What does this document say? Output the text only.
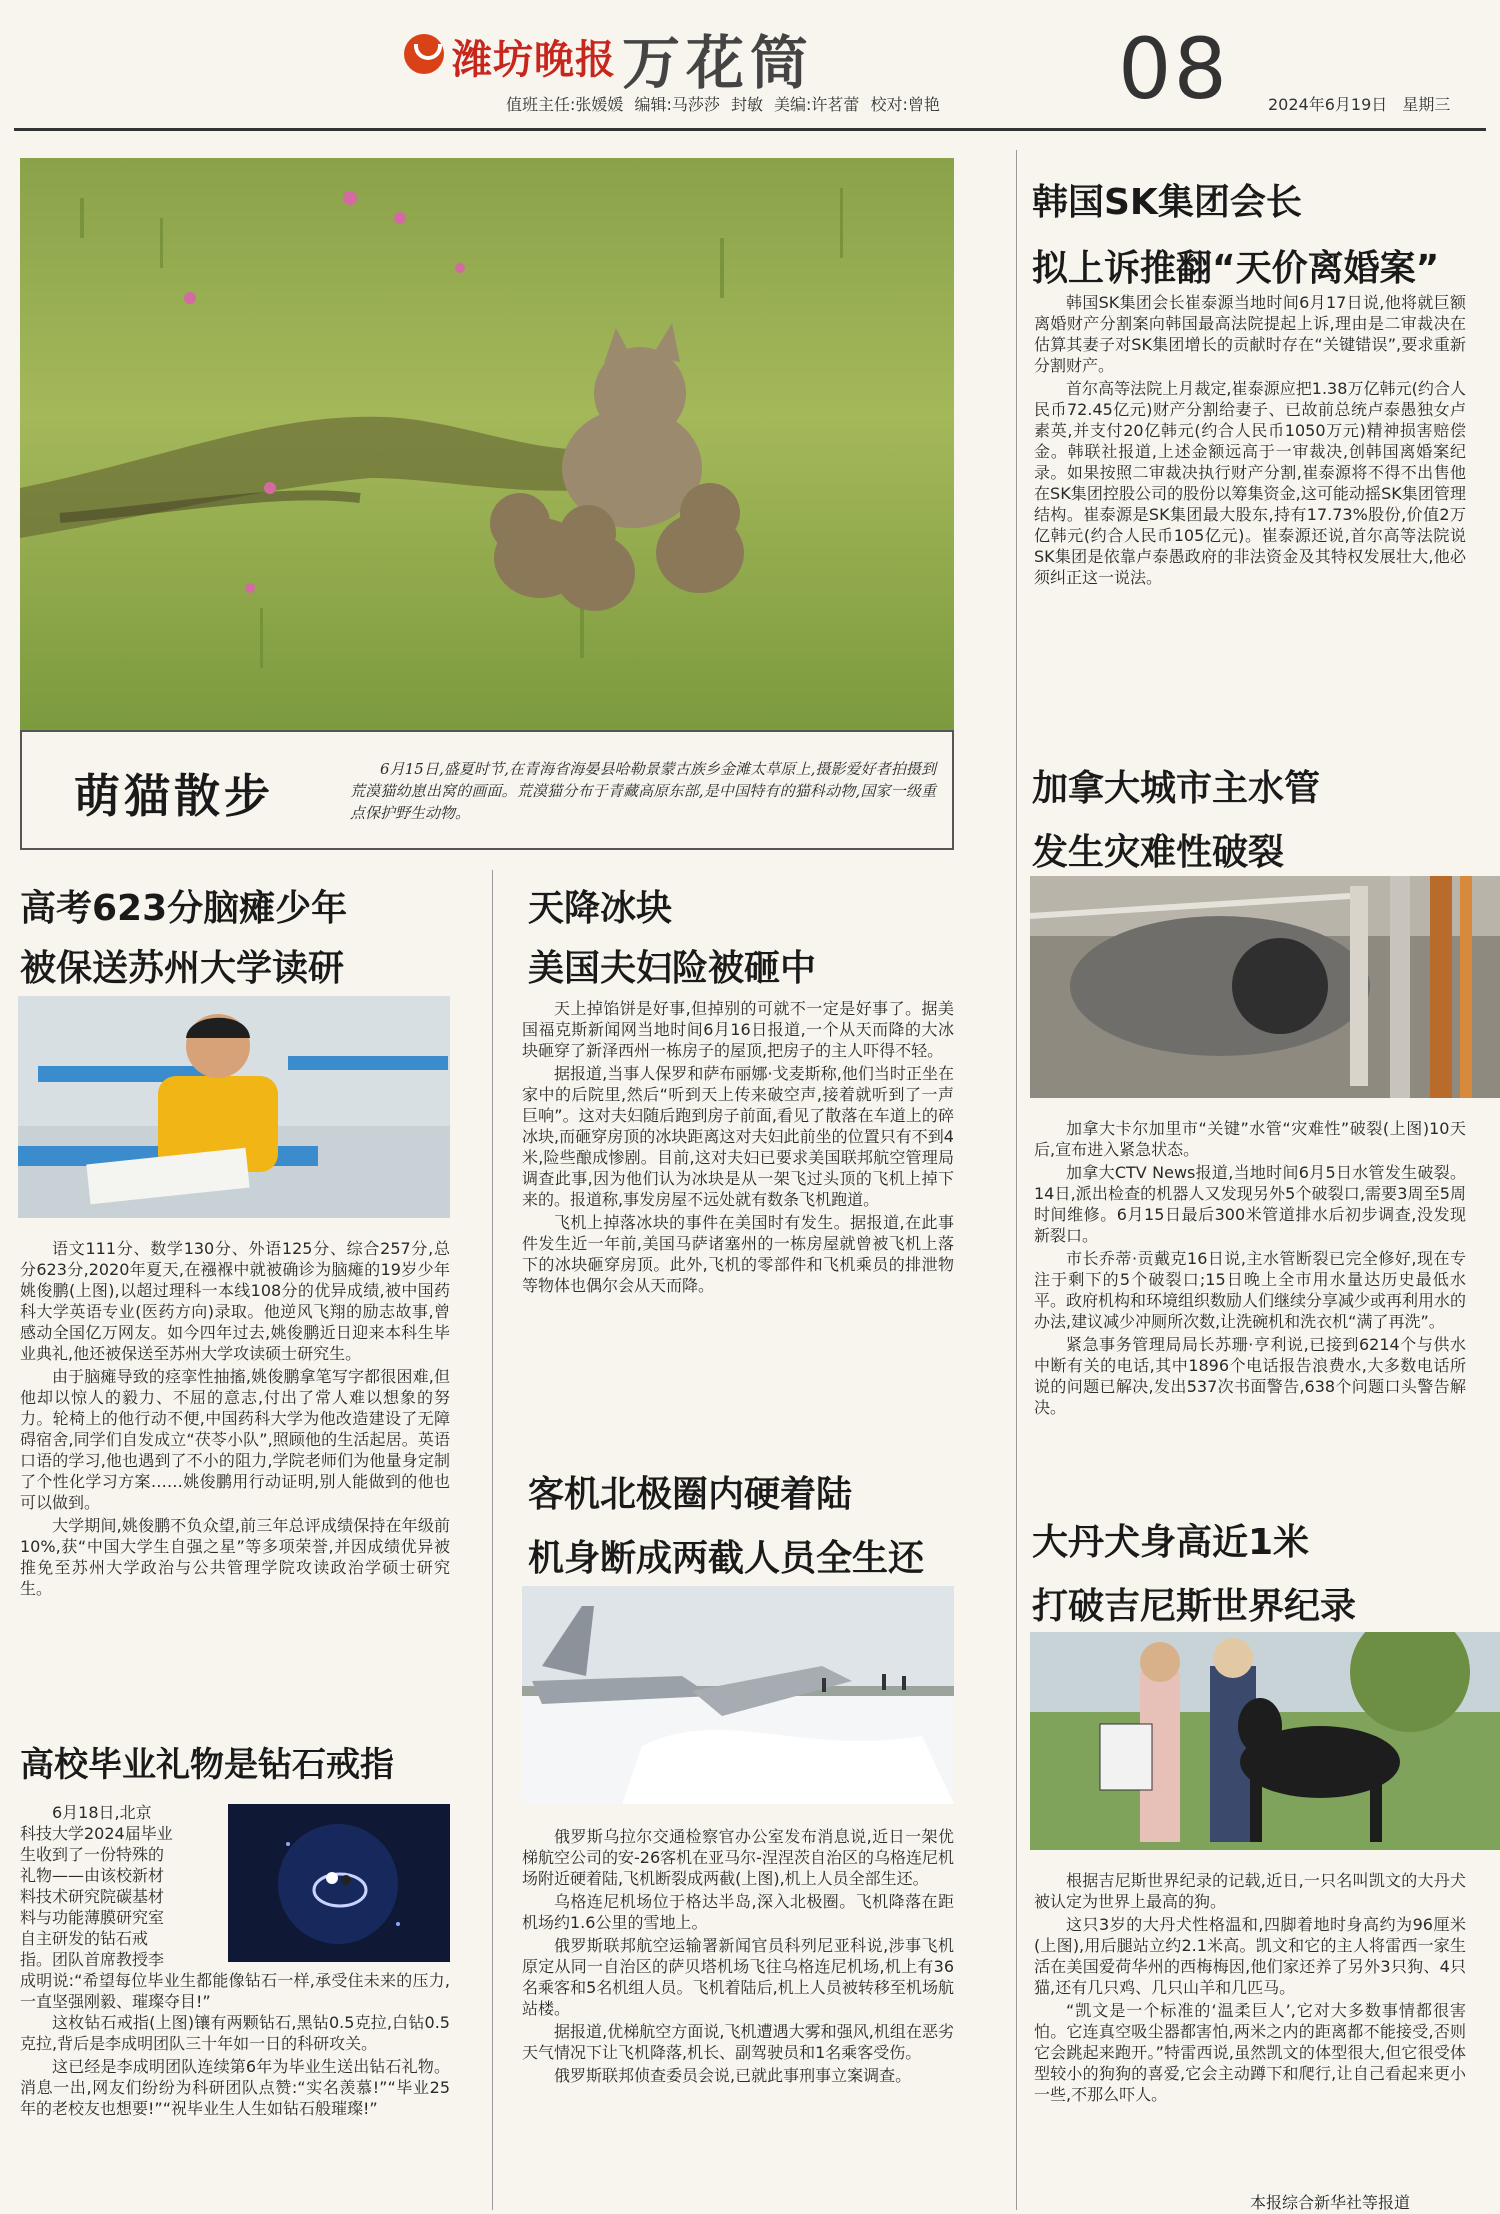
潍坊晚报 万花筒	08
值班主任:张媛媛 编辑:马莎莎 封敏 美编:许茗蕾 校对:曾艳	2024年6月19日 星期三
萌猫散步	6月15日,盛夏时节,在青海省海晏县哈勒景蒙古族乡金滩太草原上,摄影爱好者拍摄到荒漠猫幼崽出窝的画面。荒漠猫分布于青藏高原东部,是中国特有的猫科动物,国家一级重点保护野生动物。

韩国SK集团会长
拟上诉推翻“天价离婚案”

韩国SK集团会长崔泰源当地时间6月17日说,他将就巨额离婚财产分割案向韩国最高法院提起上诉,理由是二审裁决在估算其妻子对SK集团增长的贡献时存在“关键错误”,要求重新分割财产。

首尔高等法院上月裁定,崔泰源应把1.38万亿韩元(约合人民币72.45亿元)财产分割给妻子、已故前总统卢泰愚独女卢素英,并支付20亿韩元(约合人民币1050万元)精神损害赔偿金。韩联社报道,上述金额远高于一审裁决,创韩国离婚案纪录。如果按照二审裁决执行财产分割,崔泰源将不得不出售他在SK集团控股公司的股份以筹集资金,这可能动摇SK集团管理结构。崔泰源是SK集团最大股东,持有17.73%股份,价值2万亿韩元(约合人民币105亿元)。崔泰源还说,首尔高等法院说SK集团是依靠卢泰愚政府的非法资金及其特权发展壮大,他必须纠正这一说法。

加拿大城市主水管
发生灾难性破裂

加拿大卡尔加里市“关键”水管“灾难性”破裂(上图)10天后,宣布进入紧急状态。

加拿大CTV News报道,当地时间6月5日水管发生破裂。14日,派出检查的机器人又发现另外5个破裂口,需要3周至5周时间维修。6月15日最后300米管道排水后初步调查,没发现新裂口。

市长乔蒂·贡戴克16日说,主水管断裂已完全修好,现在专注于剩下的5个破裂口;15日晚上全市用水量达历史最低水平。政府机构和环境组织数励人们继续分享减少或再利用水的办法,建议减少冲厕所次数,让洗碗机和洗衣机“满了再洗”。

紧急事务管理局局长苏珊·亨利说,已接到6214个与供水中断有关的电话,其中1896个电话报告浪费水,大多数电话所说的问题已解决,发出537次书面警告,638个问题口头警告解决。

大丹犬身高近1米
打破吉尼斯世界纪录

根据吉尼斯世界纪录的记载,近日,一只名叫凯文的大丹犬被认定为世界上最高的狗。

这只3岁的大丹犬性格温和,四脚着地时身高约为96厘米(上图),用后腿站立约2.1米高。凯文和它的主人将雷西一家生活在美国爱荷华州的西梅梅因,他们家还养了另外3只狗、4只猫,还有几只鸡、几只山羊和几匹马。

“凯文是一个标准的‘温柔巨人’,它对大多数事情都很害怕。它连真空吸尘器都害怕,两米之内的距离都不能接受,否则它会跳起来跑开。”特雷西说,虽然凯文的体型很大,但它很受体型较小的狗狗的喜爱,它会主动蹲下和爬行,让自己看起来更小一些,不那么吓人。

本报综合新华社等报道
高考623分脑瘫少年
被保送苏州大学读研

语文111分、数学130分、外语125分、综合257分,总分623分,2020年夏天,在襁褓中就被确诊为脑瘫的19岁少年姚俊鹏(上图),以超过理科一本线108分的优异成绩,被中国药科大学英语专业(医药方向)录取。他逆风飞翔的励志故事,曾感动全国亿万网友。如今四年过去,姚俊鹏近日迎来本科生毕业典礼,他还被保送至苏州大学攻读硕士研究生。

由于脑瘫导致的痉挛性抽搐,姚俊鹏拿笔写字都很困难,但他却以惊人的毅力、不屈的意志,付出了常人难以想象的努力。轮椅上的他行动不便,中国药科大学为他改造建设了无障碍宿舍,同学们自发成立“茯苓小队”,照顾他的生活起居。英语口语的学习,他也遇到了不小的阻力,学院老师们为他量身定制了个性化学习方案……姚俊鹏用行动证明,别人能做到的他也可以做到。

大学期间,姚俊鹏不负众望,前三年总评成绩保持在年级前10%,获“中国大学生自强之星”等多项荣誉,并因成绩优异被推免至苏州大学政治与公共管理学院攻读政治学硕士研究生。

高校毕业礼物是钻石戒指
6月18日,北京
科技大学2024届毕业
生收到了一份特殊的
礼物——由该校新材
料技术研究院碳基材
料与功能薄膜研究室
自主研发的钻石戒
指。团队首席教授李
成明说:“希望每位毕业生都能像钻石一样,承受住未来的压力,一直坚强刚毅、璀璨夺目!”

这枚钻石戒指(上图)镶有两颗钻石,黑钻0.5克拉,白钻0.5克拉,背后是李成明团队三十年如一日的科研攻关。

这已经是李成明团队连续第6年为毕业生送出钻石礼物。消息一出,网友们纷纷为科研团队点赞:“实名羡慕!”“毕业25年的老校友也想要!”“祝毕业生人生如钻石般璀璨!”

天降冰块
美国夫妇险被砸中

天上掉馅饼是好事,但掉别的可就不一定是好事了。据美国福克斯新闻网当地时间6月16日报道,一个从天而降的大冰块砸穿了新泽西州一栋房子的屋顶,把房子的主人吓得不轻。

据报道,当事人保罗和萨布丽娜·戈麦斯称,他们当时正坐在家中的后院里,然后“听到天上传来破空声,接着就听到了一声巨响”。这对夫妇随后跑到房子前面,看见了散落在车道上的碎冰块,而砸穿房顶的冰块距离这对夫妇此前坐的位置只有不到4米,险些酿成惨剧。目前,这对夫妇已要求美国联邦航空管理局调查此事,因为他们认为冰块是从一架飞过头顶的飞机上掉下来的。报道称,事发房屋不远处就有数条飞机跑道。

飞机上掉落冰块的事件在美国时有发生。据报道,在此事件发生近一年前,美国马萨诸塞州的一栋房屋就曾被飞机上落下的冰块砸穿房顶。此外,飞机的零部件和飞机乘员的排泄物等物体也偶尔会从天而降。

客机北极圈内硬着陆
机身断成两截人员全生还

俄罗斯乌拉尔交通检察官办公室发布消息说,近日一架优梯航空公司的安-26客机在亚马尔-涅涅茨自治区的乌格连尼机场附近硬着陆,飞机断裂成两截(上图),机上人员全部生还。

乌格连尼机场位于格达半岛,深入北极圈。飞机降落在距机场约1.6公里的雪地上。

俄罗斯联邦航空运输署新闻官员科列尼亚科说,涉事飞机原定从同一自治区的萨贝塔机场飞往乌格连尼机场,机上有36名乘客和5名机组人员。飞机着陆后,机上人员被转移至机场航站楼。

据报道,优梯航空方面说,飞机遭遇大雾和强风,机组在恶劣天气情况下让飞机降落,机长、副驾驶员和1名乘客受伤。

俄罗斯联邦侦查委员会说,已就此事刑事立案调查。
